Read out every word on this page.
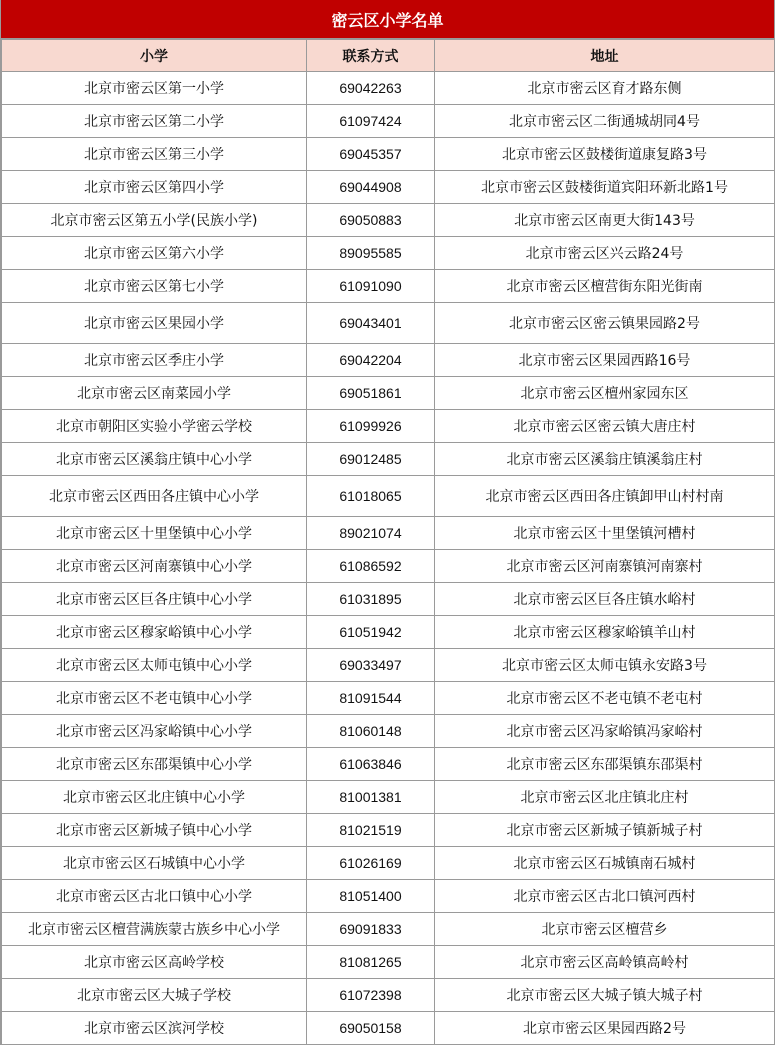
密云区小学名单
小学	联系方式	地址
北京市密云区第一小学	69042263	北京市密云区育才路东侧
北京市密云区第二小学	61097424	北京市密云区二街通城胡同4号
北京市密云区第三小学	69045357	北京市密云区鼓楼街道康复路3号
北京市密云区第四小学	69044908	北京市密云区鼓楼街道宾阳环新北路1号
北京市密云区第五小学(民族小学)	69050883	北京市密云区南更大街143号
北京市密云区第六小学	89095585	北京市密云区兴云路24号
北京市密云区第七小学	61091090	北京市密云区檀营街东阳光街南
北京市密云区果园小学	69043401	北京市密云区密云镇果园路2号
北京市密云区季庄小学	69042204	北京市密云区果园西路16号
北京市密云区南菜园小学	69051861	北京市密云区檀州家园东区
北京市朝阳区实验小学密云学校	61099926	北京市密云区密云镇大唐庄村
北京市密云区溪翁庄镇中心小学	69012485	北京市密云区溪翁庄镇溪翁庄村
北京市密云区西田各庄镇中心小学	61018065	北京市密云区西田各庄镇卸甲山村村南
北京市密云区十里堡镇中心小学	89021074	北京市密云区十里堡镇河槽村
北京市密云区河南寨镇中心小学	61086592	北京市密云区河南寨镇河南寨村
北京市密云区巨各庄镇中心小学	61031895	北京市密云区巨各庄镇水峪村
北京市密云区穆家峪镇中心小学	61051942	北京市密云区穆家峪镇羊山村
北京市密云区太师屯镇中心小学	69033497	北京市密云区太师屯镇永安路3号
北京市密云区不老屯镇中心小学	81091544	北京市密云区不老屯镇不老屯村
北京市密云区冯家峪镇中心小学	81060148	北京市密云区冯家峪镇冯家峪村
北京市密云区东邵渠镇中心小学	61063846	北京市密云区东邵渠镇东邵渠村
北京市密云区北庄镇中心小学	81001381	北京市密云区北庄镇北庄村
北京市密云区新城子镇中心小学	81021519	北京市密云区新城子镇新城子村
北京市密云区石城镇中心小学	61026169	北京市密云区石城镇南石城村
北京市密云区古北口镇中心小学	81051400	北京市密云区古北口镇河西村
北京市密云区檀营满族蒙古族乡中心小学	69091833	北京市密云区檀营乡
北京市密云区高岭学校	81081265	北京市密云区高岭镇高岭村
北京市密云区大城子学校	61072398	北京市密云区大城子镇大城子村
北京市密云区滨河学校	69050158	北京市密云区果园西路2号
